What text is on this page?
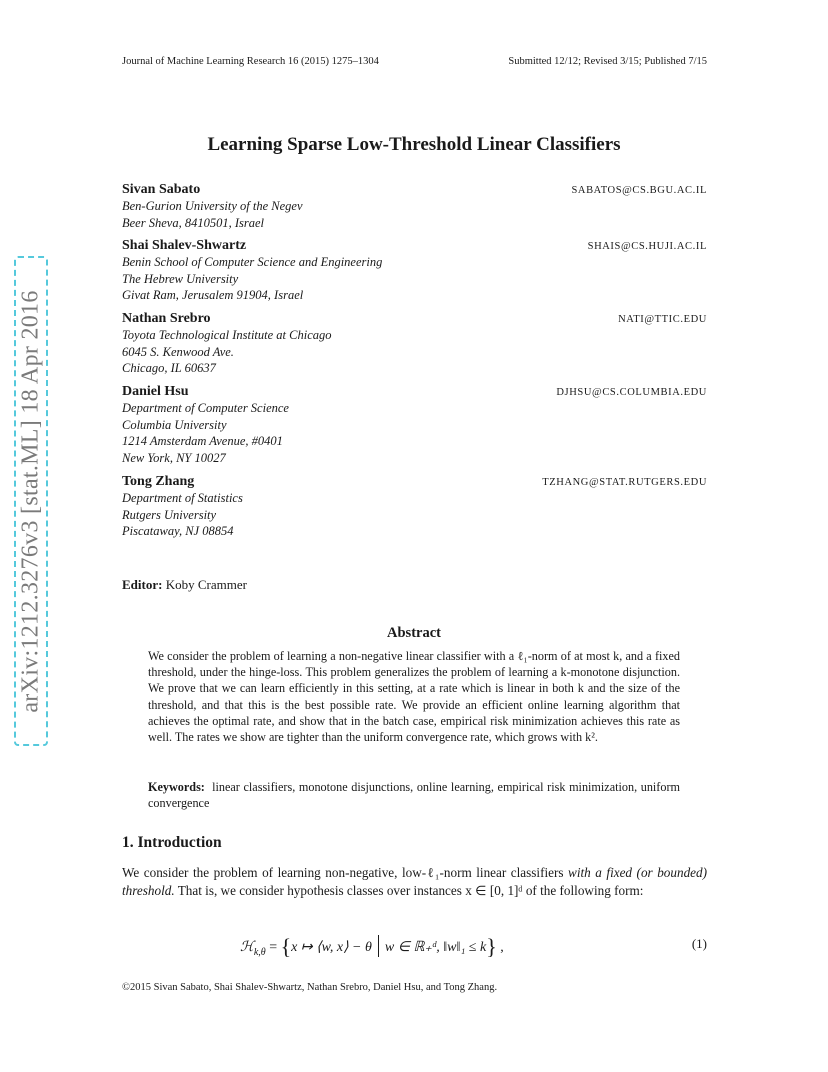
Journal of Machine Learning Research 16 (2015) 1275–1304	Submitted 12/12; Revised 3/15; Published 7/15
arXiv:1212.3276v3 [stat.ML] 18 Apr 2016
Learning Sparse Low-Threshold Linear Classifiers
Sivan Sabato	SABATOS@CS.BGU.AC.IL
Ben-Gurion University of the Negev
Beer Sheva, 8410501, Israel
Shai Shalev-Shwartz	SHAIS@CS.HUJI.AC.IL
Benin School of Computer Science and Engineering
The Hebrew University
Givat Ram, Jerusalem 91904, Israel
Nathan Srebro	NATI@TTIC.EDU
Toyota Technological Institute at Chicago
6045 S. Kenwood Ave.
Chicago, IL 60637
Daniel Hsu	DJHSU@CS.COLUMBIA.EDU
Department of Computer Science
Columbia University
1214 Amsterdam Avenue, #0401
New York, NY 10027
Tong Zhang	TZHANG@STAT.RUTGERS.EDU
Department of Statistics
Rutgers University
Piscataway, NJ 08854
Editor: Koby Crammer
Abstract
We consider the problem of learning a non-negative linear classifier with a ℓ₁-norm of at most k, and a fixed threshold, under the hinge-loss. This problem generalizes the problem of learning a k-monotone disjunction. We prove that we can learn efficiently in this setting, at a rate which is linear in both k and the size of the threshold, and that this is the best possible rate. We provide an efficient online learning algorithm that achieves the optimal rate, and show that in the batch case, empirical risk minimization achieves this rate as well. The rates we show are tighter than the uniform convergence rate, which grows with k².
Keywords: linear classifiers, monotone disjunctions, online learning, empirical risk minimization, uniform convergence
1. Introduction
We consider the problem of learning non-negative, low-ℓ₁-norm linear classifiers with a fixed (or bounded) threshold. That is, we consider hypothesis classes over instances x ∈ [0, 1]ᵈ of the following form:
ℋ$_{k,\theta}$ = {x ↦ ⟨w, x⟩ − θ w ∈ ℝ₊ᵈ, ‖w‖₁ ≤ k} ,	(1)
©2015 Sivan Sabato, Shai Shalev-Shwartz, Nathan Srebro, Daniel Hsu, and Tong Zhang.
